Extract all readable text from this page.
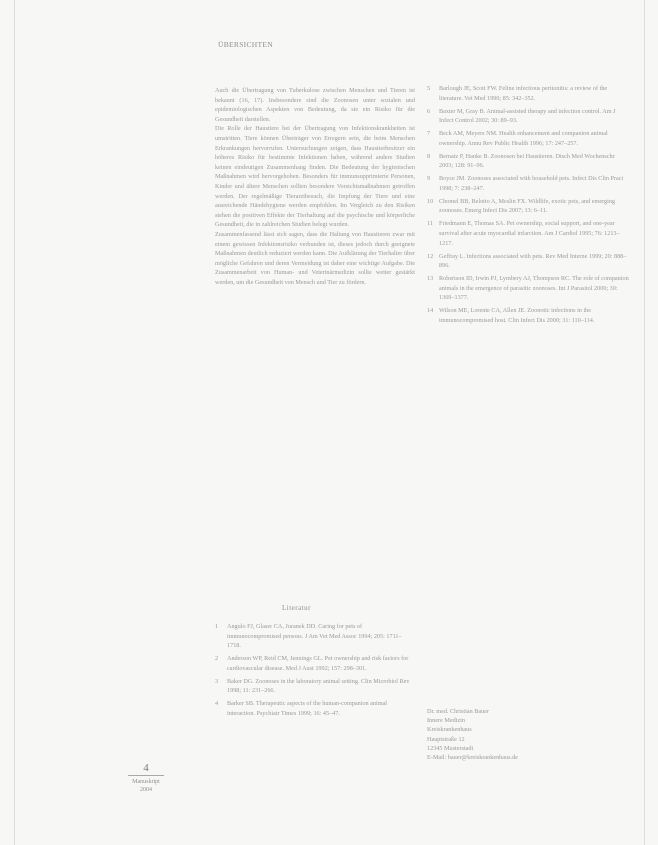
ÜBERSICHTEN

Auch die Übertragung von Tuberkulose zwischen Menschen und Tieren ist bekannt (16, 17). Insbesondere sind die Zoonosen unter sozialen und epidemiologischen Aspekten von Bedeutung, da sie ein Risiko für die Gesundheit darstellen.

Die Rolle der Haustiere bei der Übertragung von Infektionskrankheiten ist umstritten. Tiere können Überträger von Erregern sein, die beim Menschen Erkrankungen hervorrufen. Untersuchungen zeigen, dass Haustierbesitzer ein höheres Risiko für bestimmte Infektionen haben, während andere Studien keinen eindeutigen Zusammenhang finden. Die Bedeutung der hygienischen Maßnahmen wird hervorgehoben. Besonders für immunsupprimierte Personen, Kinder und ältere Menschen sollten besondere Vorsichtsmaßnahmen getroffen werden. Der regelmäßige Tierarztbesuch, die Impfung der Tiere und eine ausreichende Händehygiene werden empfohlen. Im Vergleich zu den Risiken stehen die positiven Effekte der Tierhaltung auf die psychische und körperliche Gesundheit, die in zahlreichen Studien belegt wurden.

Zusammenfassend lässt sich sagen, dass die Haltung von Haustieren zwar mit einem gewissen Infektionsrisiko verbunden ist, dieses jedoch durch geeignete Maßnahmen deutlich reduziert werden kann. Die Aufklärung der Tierhalter über mögliche Gefahren und deren Vermeidung ist daher eine wichtige Aufgabe. Die Zusammenarbeit von Human- und Veterinärmedizin sollte weiter gestärkt werden, um die Gesundheit von Mensch und Tier zu fördern.

5 Barlough JE, Scott FW. Feline infectious peritonitis: a review of the literature. Vet Med 1990; 85: 342–352.
6 Baxter M, Gray B. Animal-assisted therapy and infection control. Am J Infect Control 2002; 30: 89–93.
7 Beck AM, Meyers NM. Health enhancement and companion animal ownership. Annu Rev Public Health 1996; 17: 247–257.
8 Bernatz P, Hanke B. Zoonosen bei Haustieren. Dtsch Med Wochenschr 2003; 128: 91–96.
9 Boyce JM. Zoonoses associated with household pets. Infect Dis Clin Pract 1998; 7: 238–247.
10 Chomel BB, Belotto A, Meslin FX. Wildlife, exotic pets, and emerging zoonoses. Emerg Infect Dis 2007; 13: 6–11.
11 Friedmann E, Thomas SA. Pet ownership, social support, and one-year survival after acute myocardial infarction. Am J Cardiol 1995; 76: 1213–1217.
12 Geffray L. Infections associated with pets. Rev Med Interne 1999; 20: 888–896.
13 Robertson ID, Irwin PJ, Lymbery AJ, Thompson RC. The role of companion animals in the emergence of parasitic zoonoses. Int J Parasitol 2000; 30: 1369–1377.
14 Wilson ME, Lorente CA, Allen JE. Zoonotic infections in the immunocompromised host. Clin Infect Dis 2000; 31: 110–114.
Literatur
1 Angulo FJ, Glaser CA, Juranek DD. Caring for pets of immunocompromised persons. J Am Vet Med Assoc 1994; 205: 1711–1718.
2 Anderson WP, Reid CM, Jennings GL. Pet ownership and risk factors for cardiovascular disease. Med J Aust 1992; 157: 298–301.
3 Baker DG. Zoonoses in the laboratory animal setting. Clin Microbiol Rev 1998; 11: 231–266.
4 Barker SB. Therapeutic aspects of the human-companion animal interaction. Psychiatr Times 1999; 16: 45–47.	Dr. med. Christian Bauer
Innere Medizin
Kreiskrankenhaus
Hauptstraße 12
12345 Musterstadt
E-Mail: bauer@kreiskrankenhaus.de
4
Manuskript
2004
